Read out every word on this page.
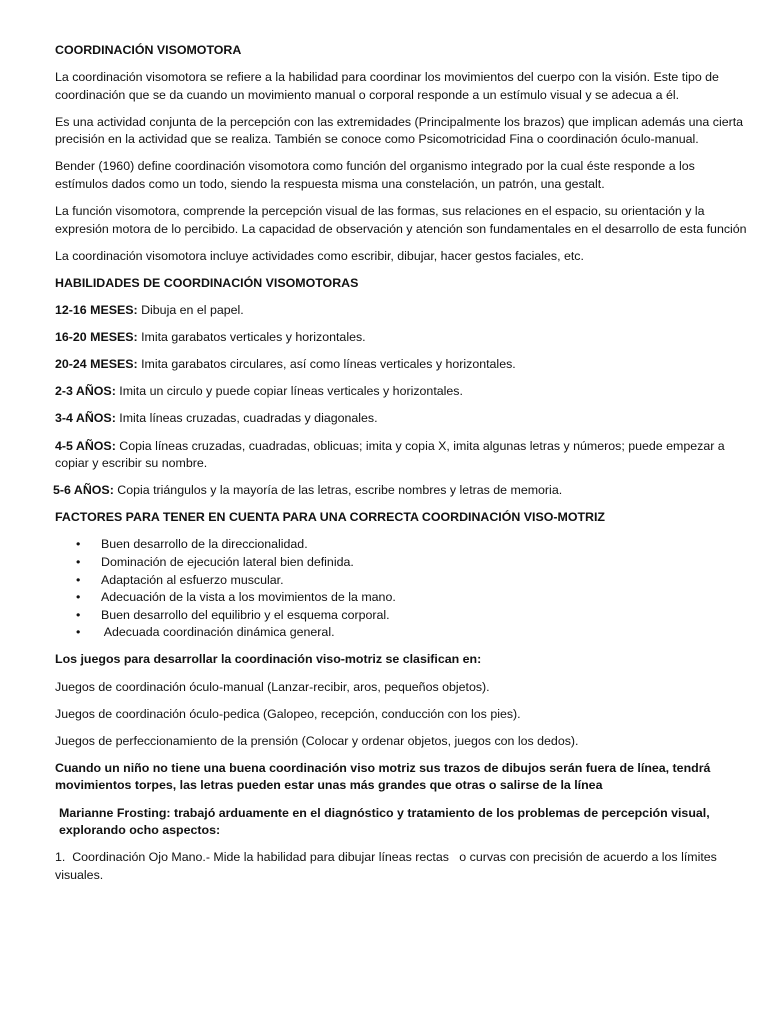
COORDINACIÓN VISOMOTORA
La coordinación visomotora se refiere a la habilidad para coordinar los movimientos del cuerpo con la visión. Este tipo de coordinación que se da cuando un movimiento manual o corporal responde a un estímulo visual y se adecua a él.
Es una actividad conjunta de la percepción con las extremidades (Principalmente los brazos) que implican además una cierta precisión en la actividad que se realiza. También se conoce como Psicomotricidad Fina o coordinación óculo-manual.
Bender (1960) define coordinación visomotora como función del organismo integrado por la cual éste responde a los estímulos dados como un todo, siendo la respuesta misma una constelación, un patrón, una gestalt.
La función visomotora, comprende la percepción visual de las formas, sus relaciones en el espacio, su orientación y la expresión motora de lo percibido. La capacidad de observación y atención son fundamentales en el desarrollo de esta función
La coordinación visomotora incluye actividades como escribir, dibujar, hacer gestos faciales, etc.
HABILIDADES DE COORDINACIÓN VISOMOTORAS
12-16 MESES: Dibuja en el papel.
16-20 MESES: Imita garabatos verticales y horizontales.
20-24 MESES: Imita garabatos circulares, así como líneas verticales y horizontales.
2-3 AÑOS: Imita un circulo y puede copiar líneas verticales y horizontales.
3-4 AÑOS: Imita líneas cruzadas, cuadradas y diagonales.
4-5 AÑOS: Copia líneas cruzadas, cuadradas, oblicuas; imita y copia X, imita algunas letras y números; puede empezar a copiar y escribir su nombre.
5-6 AÑOS: Copia triángulos y la mayoría de las letras, escribe nombres y letras de memoria.
FACTORES PARA TENER EN CUENTA PARA UNA CORRECTA COORDINACIÓN VISO-MOTRIZ
• Buen desarrollo de la direccionalidad.
• Dominación de ejecución lateral bien definida.
• Adaptación al esfuerzo muscular.
• Adecuación de la vista a los movimientos de la mano.
• Buen desarrollo del equilibrio y el esquema corporal.
• Adecuada coordinación dinámica general.
Los juegos para desarrollar la coordinación viso-motriz se clasifican en:
Juegos de coordinación óculo-manual (Lanzar-recibir, aros, pequeños objetos).
Juegos de coordinación óculo-pedica (Galopeo, recepción, conducción con los pies).
Juegos de perfeccionamiento de la prensión (Colocar y ordenar objetos, juegos con los dedos).
Cuando un niño no tiene una buena coordinación viso motriz sus trazos de dibujos serán fuera de línea, tendrá movimientos torpes, las letras pueden estar unas más grandes que otras o salirse de la línea
Marianne Frosting: trabajó arduamente en el diagnóstico y tratamiento de los problemas de percepción visual, explorando ocho aspectos:
1.  Coordinación Ojo Mano.- Mide la habilidad para dibujar líneas rectas   o curvas con precisión de acuerdo a los límites visuales.
